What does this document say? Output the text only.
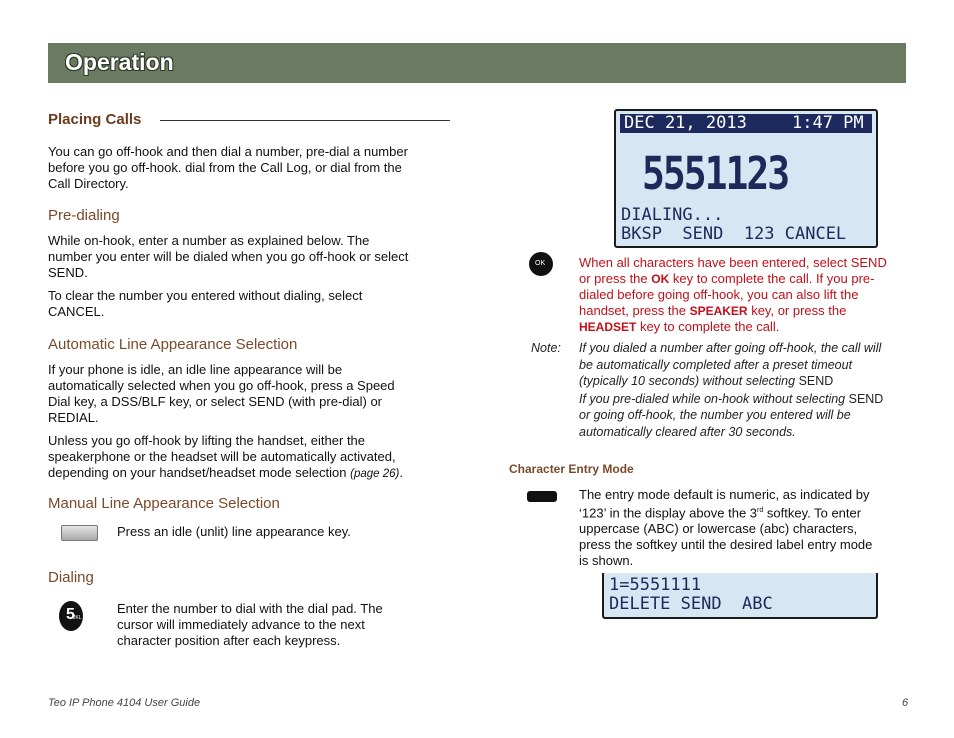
Operation
Placing Calls
You can go off-hook and then dial a number, pre-dial a number
before you go off-hook. dial from the Call Log, or dial from the
Call Directory.
Pre-dialing
While on-hook, enter a number as explained below. The
number you enter will be dialed when you go off-hook or select
SEND.
To clear the number you entered without dialing, select
CANCEL.
Automatic Line Appearance Selection
If your phone is idle, an idle line appearance will be
automatically selected when you go off-hook, press a Speed
Dial key, a DSS/BLF key, or select SEND (with pre-dial) or
REDIAL.
Unless you go off-hook by lifting the handset, either the
speakerphone or the headset will be automatically activated,
depending on your handset/headset mode selection (page 26).
Manual Line Appearance Selection
Press an idle (unlit) line appearance key.
Dialing
5
JKL
Enter the number to dial with the dial pad. The
cursor will immediately advance to the next
character position after each keypress.
DEC 21, 2013	1:47 PM
5551123
DIALING...
BKSP  SEND  123 CANCEL
OK	When all characters have been entered, select SEND
or press the OK key to complete the call. If you pre-
dialed before going off-hook, you can also lift the
handset, press the SPEAKER key, or press the
HEADSET key to complete the call.
Note: If you dialed a number after going off-hook, the call will
be automatically completed after a preset timeout
(typically 10 seconds) without selecting SEND
If you pre-dialed while on-hook without selecting SEND
or going off-hook, the number you entered will be
automatically cleared after 30 seconds.
Character Entry Mode
The entry mode default is numeric, as indicated by
‘123’ in the display above the 3rd softkey. To enter
uppercase (ABC) or lowercase (abc) characters,
press the softkey until the desired label entry mode
is shown.
1=5551111
DELETE SEND  ABC
Teo IP Phone 4104 User Guide	6
